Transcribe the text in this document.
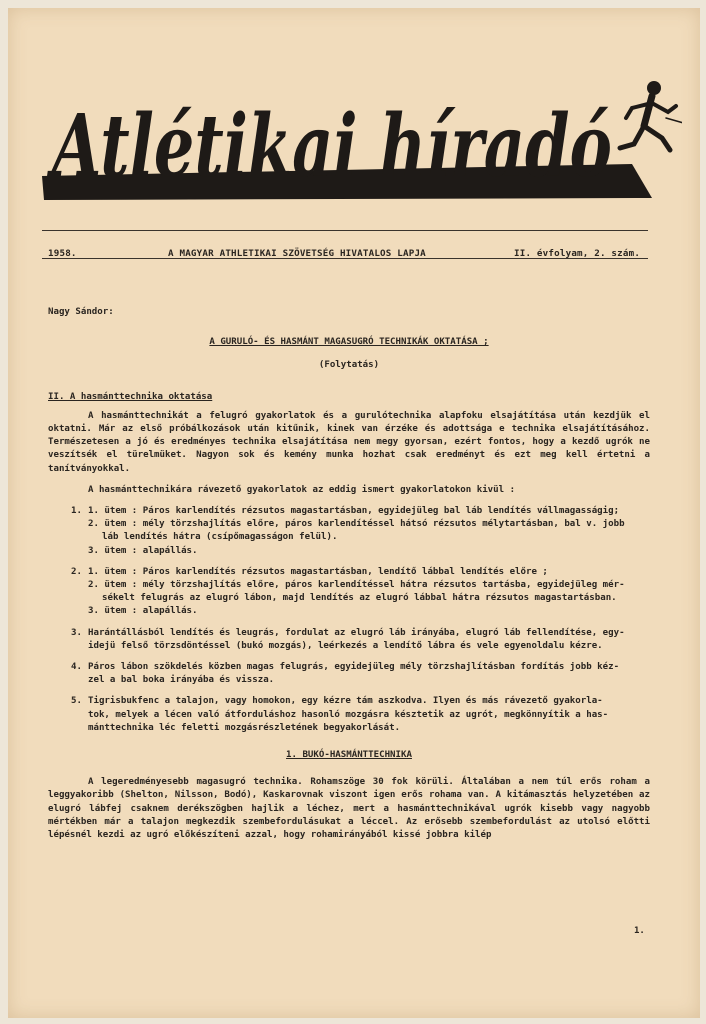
Atlétikai híradó
1958.	A MAGYAR ATHLETIKAI SZÖVETSÉG HIVATALOS LAPJA	II. évfolyam, 2. szám.

Nagy Sándor:

A GURULÓ- ÉS HASMÁNT MAGASUGRÓ TECHNIKÁK OKTATÁSA ;

(Folytatás)

II. A hasmánttechnika oktatása

A hasmánttechnikát a felugró gyakorlatok és a gurulótechnika alapfoku elsajátítása után kezdjük el oktatni. Már az első próbálkozások után kitűnik, kinek van érzéke és adottsága e technika elsajátításához. Természetesen a jó és eredményes technika elsajátítása nem megy gyorsan, ezért fontos, hogy a kezdő ugrók ne veszítsék el türelmüket. Nagyon sok és kemény munka hozhat csak eredményt és ezt meg kell értetni a tanítványokkal.

A hasmánttechnikára rávezető gyakorlatok az eddig ismert gyakorlatokon kivül :

1. 1. ütem : Páros karlendítés rézsutos magastartásban, egyidejüleg bal láb lendítés vállmagasságig;

2. ütem : mély törzshajlítás előre, páros karlendítéssel hátsó rézsutos mélytartásban, bal v. jobb

láb lendítés hátra (csípőmagasságon felül).

3. ütem : alapállás.

2. 1. ütem : Páros karlendítés rézsutos magastartásban, lendítő lábbal lendítés előre ;

2. ütem : mély törzshajlítás előre, páros karlendítéssel hátra rézsutos tartásba, egyidejüleg mér-

sékelt felugrás az elugró lábon, majd lendítés az elugró lábbal hátra rézsutos magastartásban.

3. ütem : alapállás.

3. Harántállásból lendítés és leugrás, fordulat az elugró láb irányába, elugró láb fellendítése, egy-

idejü felső törzsdöntéssel (bukó mozgás), leérkezés a lendítő lábra és vele egyenoldalu kézre.

4. Páros lábon szökdelés közben magas felugrás, egyidejüleg mély törzshajlításban fordítás jobb kéz-

zel a bal boka irányába és vissza.

5. Tigrisbukfenc a talajon, vagy homokon, egy kézre tám aszkodva. Ilyen és más rávezető gyakorla-

tok, melyek a lécen való átforduláshoz hasonló mozgásra késztetik az ugrót, megkönnyítik a has-

mánttechnika léc feletti mozgásrészletének begyakorlását.

1. BUKÓ-HASMÁNTTECHNIKA

A legeredményesebb magasugró technika. Rohamszöge 30 fok körüli. Általában a nem túl erős roham a leggyakoribb (Shelton, Nilsson, Bodó), Kaskarovnak viszont igen erős rohama van. A kitámasztás helyzetében az elugró lábfej csaknem derékszögben hajlik a léchez, mert a hasmánttechnikával ugrók kisebb vagy nagyobb mértékben már a talajon megkezdik szembefordulásukat a léccel. Az erősebb szembefordulást az utolsó előtti lépésnél kezdi az ugró előkészíteni azzal, hogy rohamirányából kissé jobbra kilép

1.
